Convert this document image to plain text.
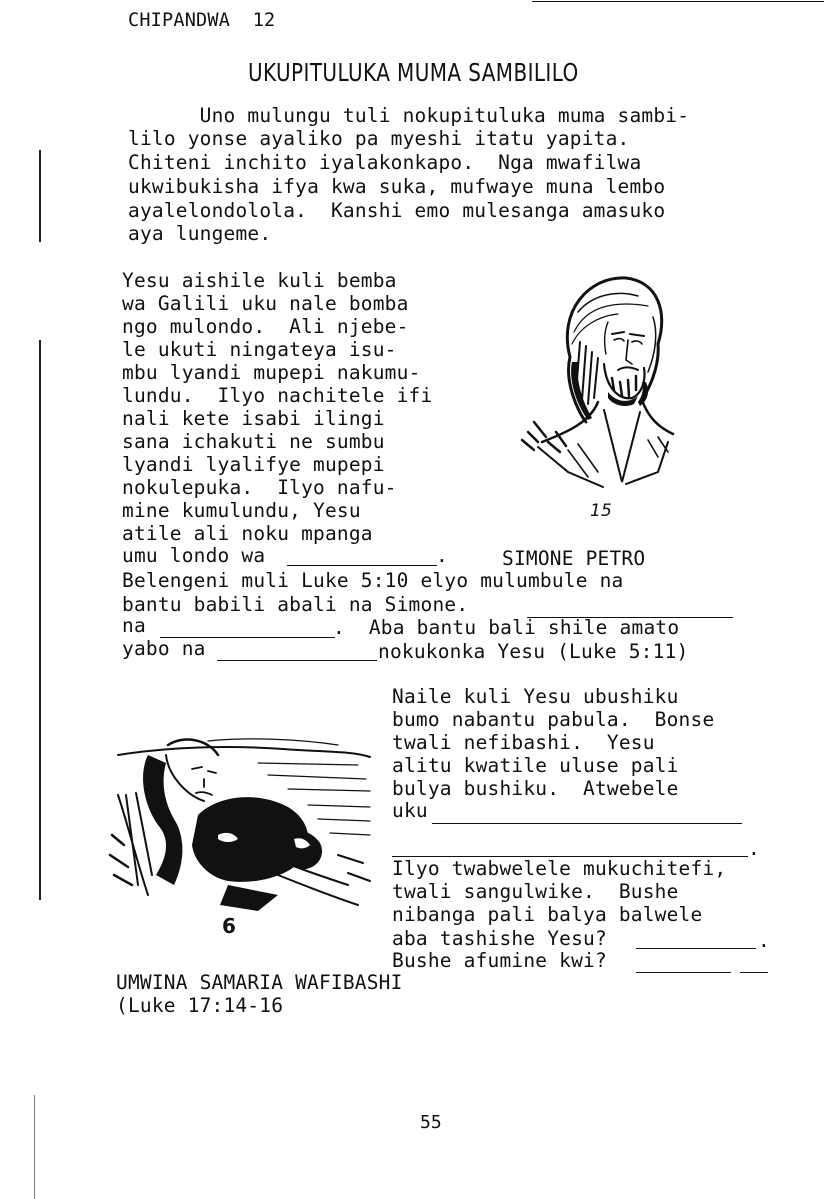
CHIPANDWA  12
UKUPITULUKA MUMA SAMBILILO
Uno mulungu tuli nokupituluka muma sambi-
lilo yonse ayaliko pa myeshi itatu yapita.
Chiteni inchito iyalakonkapo.  Nga mwafilwa
ukwibukisha ifya kwa suka, mufwaye muna lembo
ayalelondolola.  Kanshi emo mulesanga amasuko
aya lungeme.
Yesu aishile kuli bemba
wa Galili uku nale bomba
ngo mulondo.  Ali njebe-
le ukuti ningateya isu-
mbu lyandi mupepi nakumu-
lundu.  Ilyo nachitele ifi
nali kete isabi ilingi
sana ichakuti ne sumbu
lyandi lyalifye mupepi
nokulepuka.  Ilyo nafu-
mine kumulundu, Yesu
atile ali noku mpanga
umu londo wa	.	SIMONE PETRO
Belengeni muli Luke 5:10 elyo mulumbule na
bantu babili abali na Simone.
na	.  Aba bantu bali shile amato
yabo na	nokukonka Yesu (Luke 5:11)
15
Naile kuli Yesu ubushiku
bumo nabantu pabula.  Bonse
twali nefibashi.  Yesu
alitu kwatile uluse pali
bulya bushiku.  Atwebele
uku
.
Ilyo twabwelele mukuchitefi,
twali sangulwike.  Bushe
nibanga pali balya balwele
aba tashishe Yesu?	.
Bushe afumine kwi?
6
UMWINA SAMARIA WAFIBASHI
(Luke 17:14-16
55
